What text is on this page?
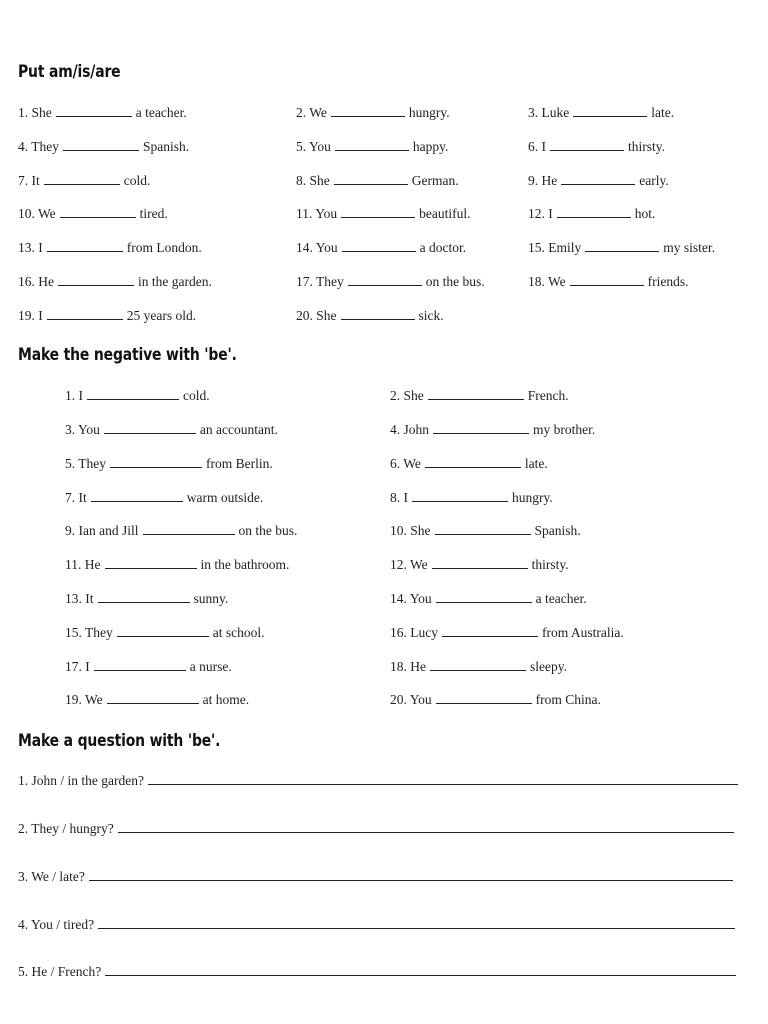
Put am/is/are
1. She	a teacher.	2. We	hungry.	3. Luke	late.
4. They	Spanish.	5. You	happy.	6. I	thirsty.
7. It	cold.	8. She	German.	9. He	early.
10. We	tired.	11. You	beautiful.	12. I	hot.
13. I	from London.	14. You	a doctor.	15. Emily	my sister.
16. He	in the garden.	17. They	on the bus.	18. We	friends.
19. I	25 years old.	20. She	sick.
Make the negative with 'be'.
1. I	cold.	2. She	French.
3. You	an accountant.	4. John	my brother.
5. They	from Berlin.	6. We	late.
7. It	warm outside.	8. I	hungry.
9. Ian and Jill	on the bus.	10. She	Spanish.
11. He	in the bathroom.	12. We	thirsty.
13. It	sunny.	14. You	a teacher.
15. They	at school.	16. Lucy	from Australia.
17. I	a nurse.	18. He	sleepy.
19. We	at home.	20. You	from China.
Make a question with 'be'.
1. John / in the garden?
2. They / hungry?
3. We / late?
4. You / tired?
5. He / French?
